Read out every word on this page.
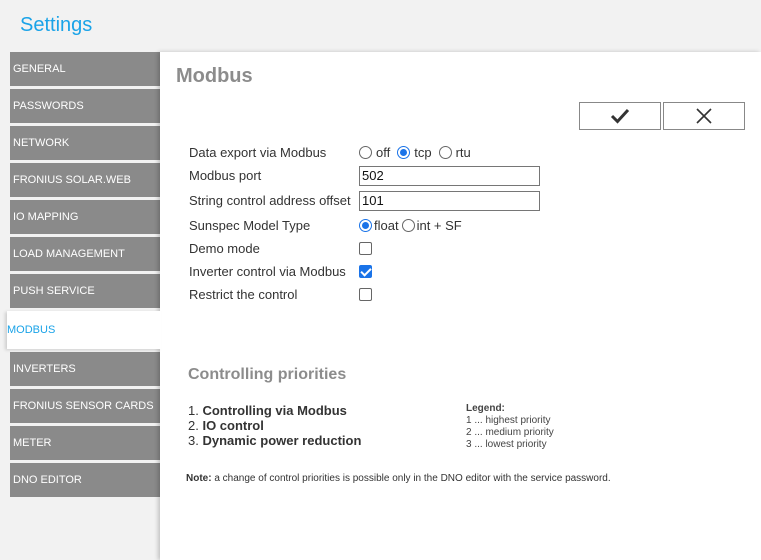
Settings
GENERAL
PASSWORDS
NETWORK
FRONIUS SOLAR.WEB
IO MAPPING
LOAD MANAGEMENT
PUSH SERVICE
MODBUS
INVERTERS
FRONIUS SENSOR CARDS
METER
DNO EDITOR
Modbus
Data export via Modbus	off tcp rtu
Modbus port
502
String control address offset
101
Sunspec Model Type	float int + SF
Demo mode
Inverter control via Modbus
Restrict the control
Controlling priorities
1. Controlling via Modbus
2. IO control
3. Dynamic power reduction
Legend:
1 ... highest priority
2 ... medium priority
3 ... lowest priority
Note: a change of control priorities is possible only in the DNO editor with the service password.
